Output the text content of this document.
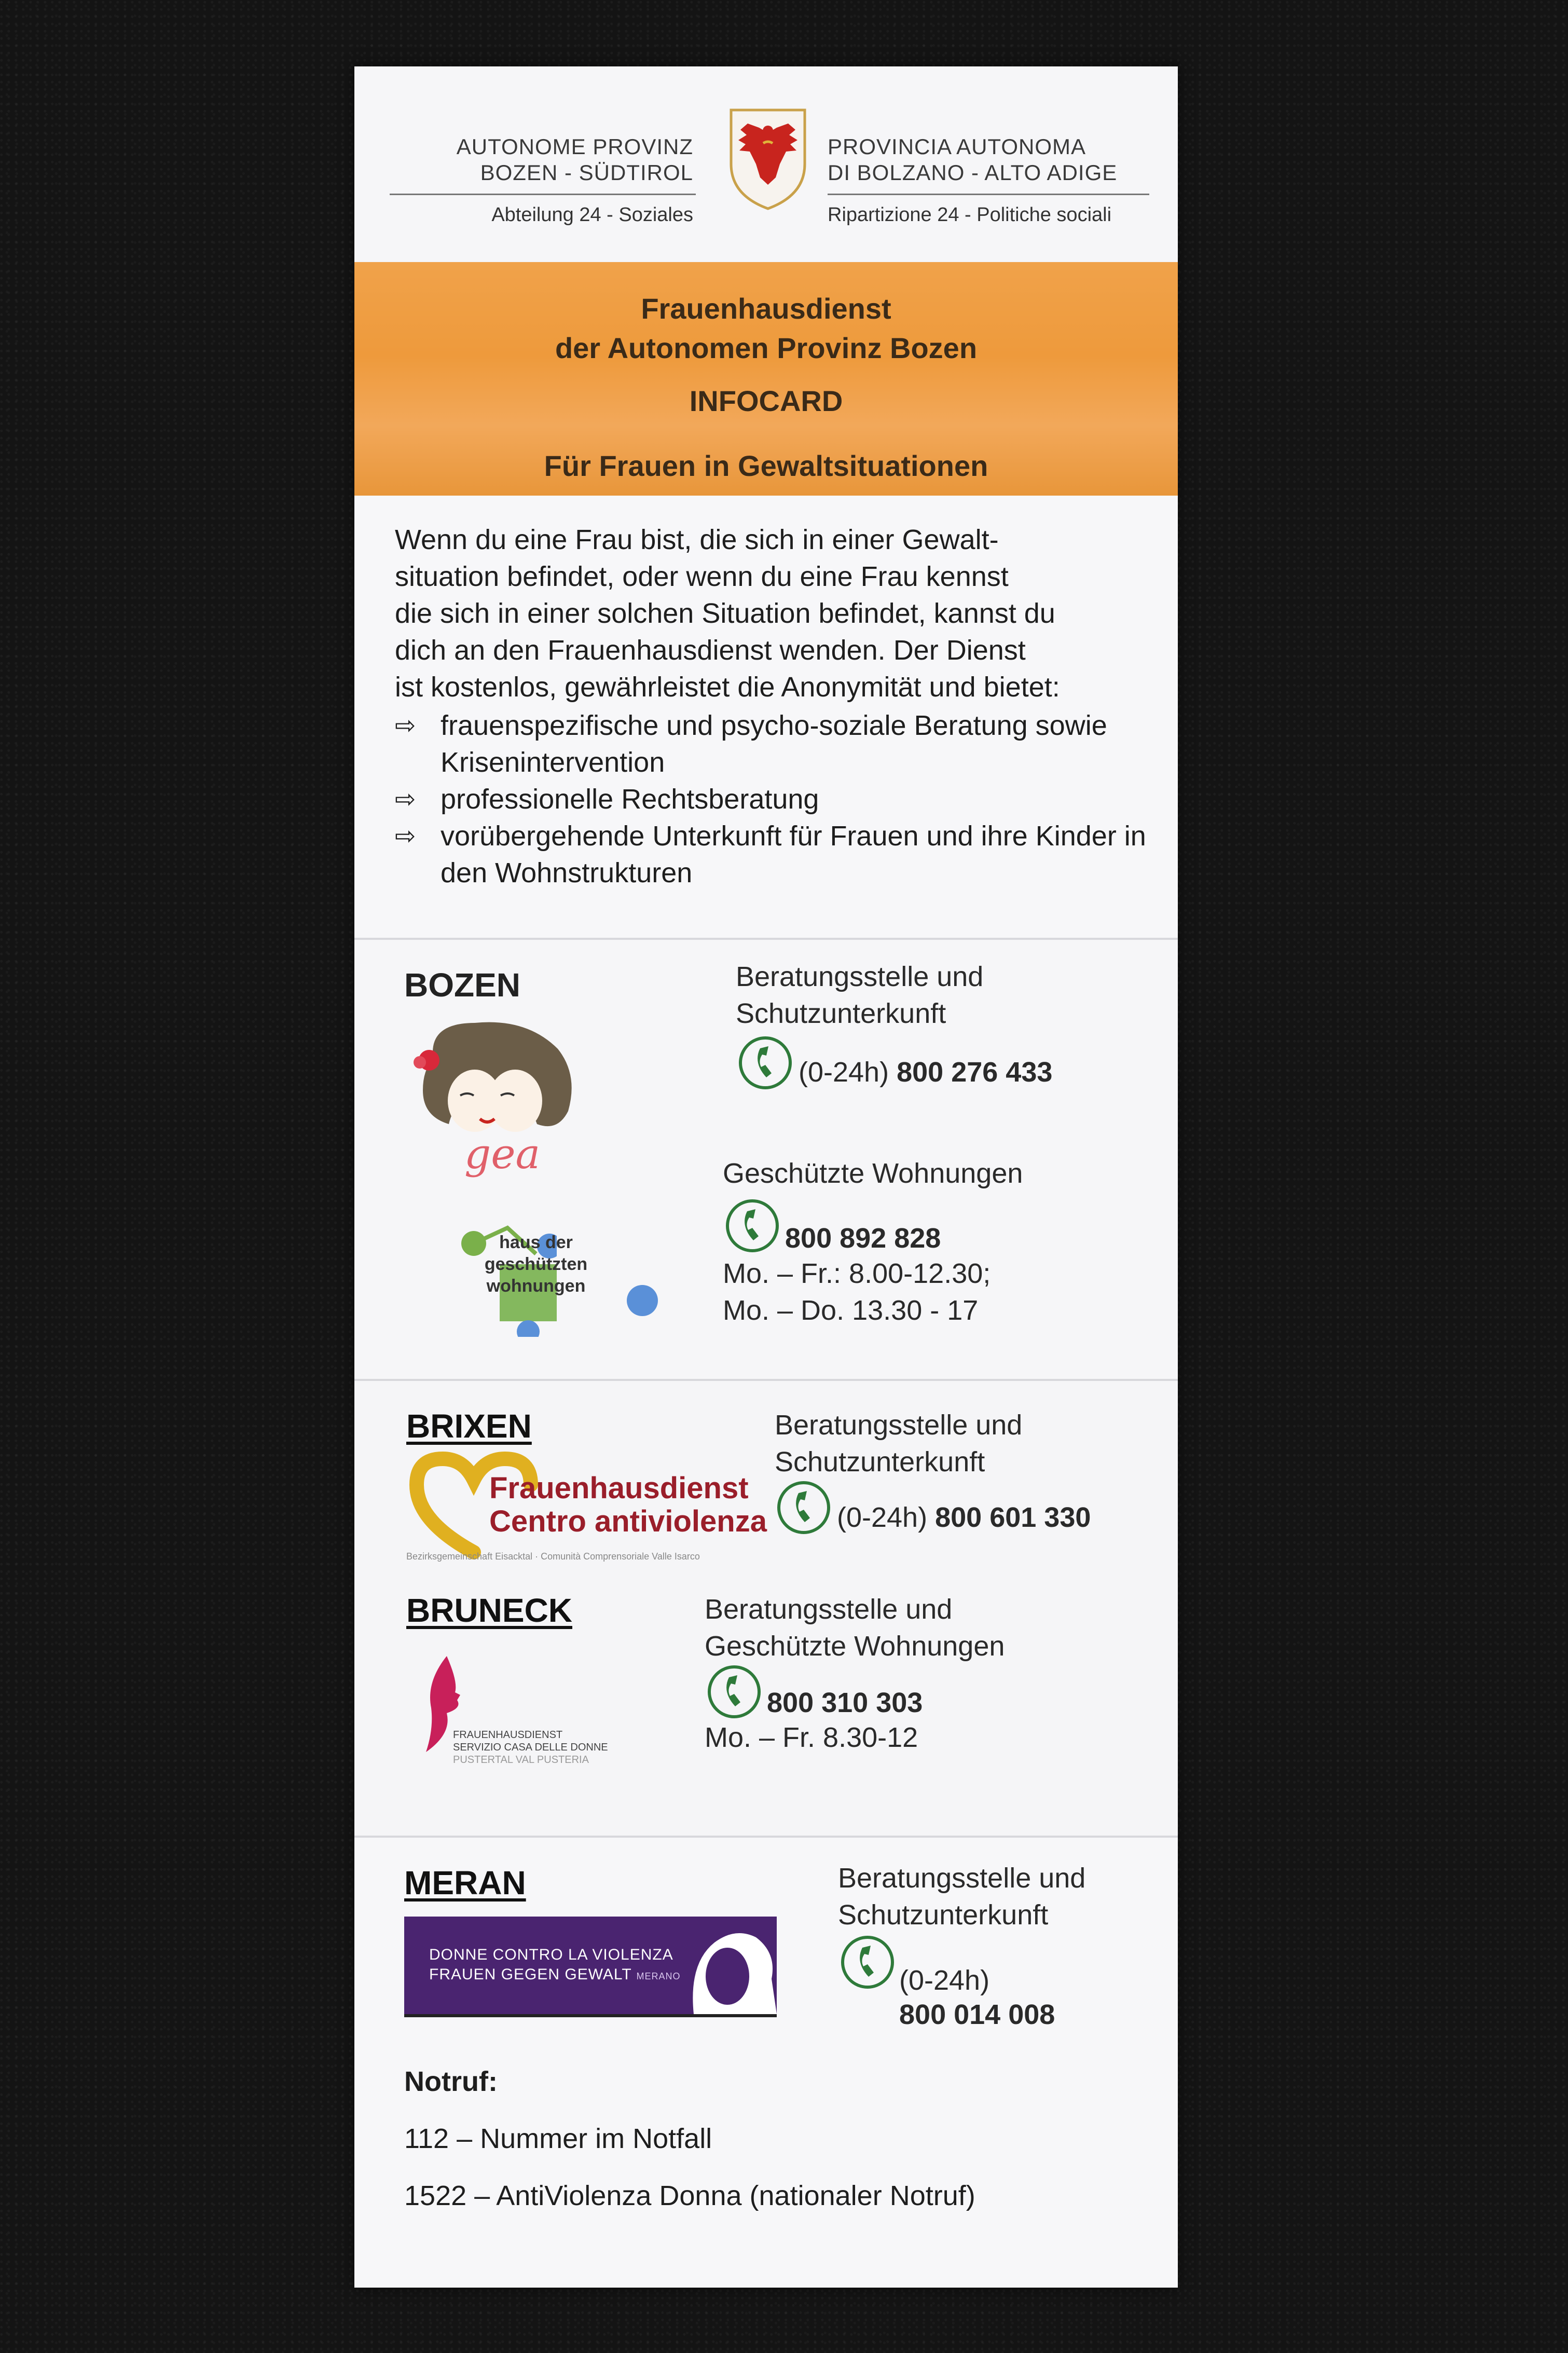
AUTONOME PROVINZ
BOZEN - SÜDTIROL
PROVINCIA AUTONOMA
DI BOLZANO - ALTO ADIGE
Abteilung 24 - Soziales	Ripartizione 24 - Politiche sociali
Frauenhausdienst
der Autonomen Provinz Bozen
INFOCARD
Für Frauen in Gewaltsituationen

Wenn du eine Frau bist, die sich in einer Gewalt-
situation befindet, oder wenn du eine Frau kennst
die sich in einer solchen Situation befindet, kannst du
dich an den Frauenhausdienst wenden. Der Dienst
ist kostenlos, gewährleistet die Anonymität und bietet:

⇨ frauenspezifische und psycho-soziale Beratung sowie Krisenintervention
⇨ professionelle Rechtsberatung
⇨ vorübergehende Unterkunft für Frauen und ihre Kinder in den Wohnstrukturen
BOZEN
gea
haus der
geschützten
wohnungen
Beratungsstelle und
Schutzunterkunft
(0-24h) 800 276 433
Geschützte Wohnungen
800 892 828
Mo. – Fr.: 8.00-12.30;
Mo. – Do. 13.30 - 17
BRIXEN
Frauenhausdienst
Centro antiviolenza
Bezirksgemeinschaft Eisacktal · Comunità Comprensoriale Valle Isarco
Beratungsstelle und
Schutzunterkunft
(0-24h) 800 601 330
BRUNECK
FRAUENHAUSDIENST
SERVIZIO CASA DELLE DONNE
PUSTERTAL VAL PUSTERIA
Beratungsstelle und
Geschützte Wohnungen
800 310 303
Mo. – Fr. 8.30-12
MERAN
DONNE CONTRO LA VIOLENZA
FRAUEN GEGEN GEWALT MERANO
Beratungsstelle und
Schutzunterkunft
(0-24h)
800 014 008
Notruf:
112 – Nummer im Notfall
1522 – AntiViolenza Donna (nationaler Notruf)
